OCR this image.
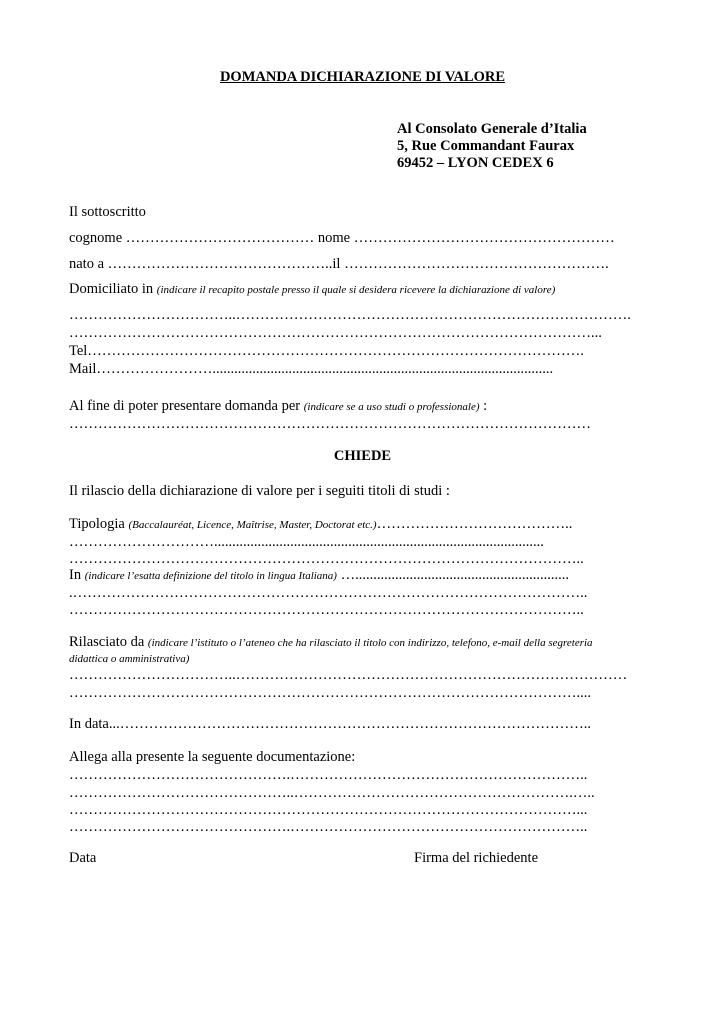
DOMANDA DICHIARAZIONE DI VALORE
Al Consolato Generale d’Italia
5, Rue Commandant Faurax
69452 – LYON CEDEX 6
Il sottoscritto
cognome ………………………………… nome ………………………………………………
nato a ………………………………………..il ……………………………………………….
Domiciliato in (indicare il recapito postale presso il quale si desidera ricevere la dichiarazione di valore)
……………………………..……………………………………………………………………….
………………………………………………………………………………………………...
Tel………………………………………………………………………………………….
Mail……………………..............................................................................................
Al fine di poter presentare domanda per (indicare se a uso studi o professionale) :
………………………………………………………………………………………………
CHIEDE
Il rilascio della dichiarazione di valore per i seguiti titoli di studi :
Tipologia (Baccalauréat, Licence, Maîtrise, Master, Doctorat etc.)…………………………………..
…………………………...........................................................................................
……………………………………………………………………………………………..
In (indicare l’esatta definizione del titolo in lingua Italiana) …...........................................................
.……………………………………………………………………………………………..
……………………………………………………………………………………………..
Rilasciato da (indicare l’istituto o l’ateneo che ha rilasciato il titolo con indirizzo, telefono, e-mail della segreteria
didattica o amministrativa)
……………………………..………………………………………………………………………
……………………………………………………………………………………………....
In data...……………………………………………………………………………………..
Allega alla presente la seguente documentazione:
……………………………………….……………………………………………………..
………………………………………..………………………………………………….…..
……………………………………………………………………………………………...
……………………………………….……………………………………………………..
Data	Firma del richiedente
